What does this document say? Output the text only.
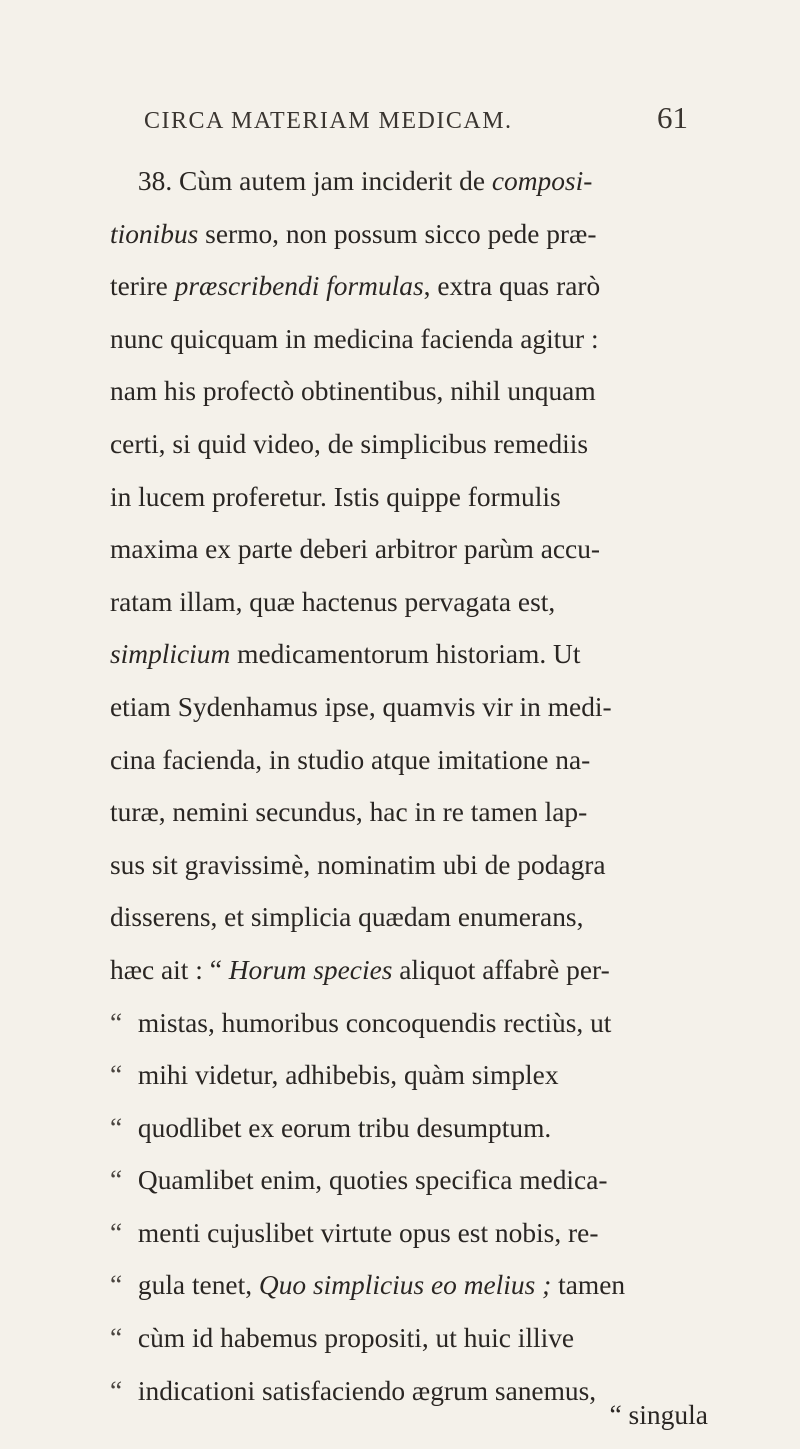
CIRCA MATERIAM MEDICAM.	61
38. Cùm autem jam inciderit de composi-
tionibus sermo, non possum sicco pede præ-
terire præscribendi formulas, extra quas rarò
nunc quicquam in medicina facienda agitur :
nam his profectò obtinentibus, nihil unquam
certi, si quid video, de simplicibus remediis
in lucem proferetur. Istis quippe formulis
maxima ex parte deberi arbitror parùm accu-
ratam illam, quæ hactenus pervagata est,
simplicium medicamentorum historiam. Ut
etiam Sydenhamus ipse, quamvis vir in medi-
cina facienda, in studio atque imitatione na-
turæ, nemini secundus, hac in re tamen lap-
sus sit gravissimè, nominatim ubi de podagra
disserens, et simplicia quædam enumerans,
hæc ait : “ Horum species aliquot affabrè per-
“ mistas, humoribus concoquendis rectiùs, ut
“ mihi videtur, adhibebis, quàm simplex
“ quodlibet ex eorum tribu desumptum.
“ Quamlibet enim, quoties specifica medica-
“ menti cujuslibet virtute opus est nobis, re-
“ gula tenet, Quo simplicius eo melius ; tamen
“ cùm id habemus propositi, ut huic illive
“ indicationi satisfaciendo ægrum sanemus,
“ singula
